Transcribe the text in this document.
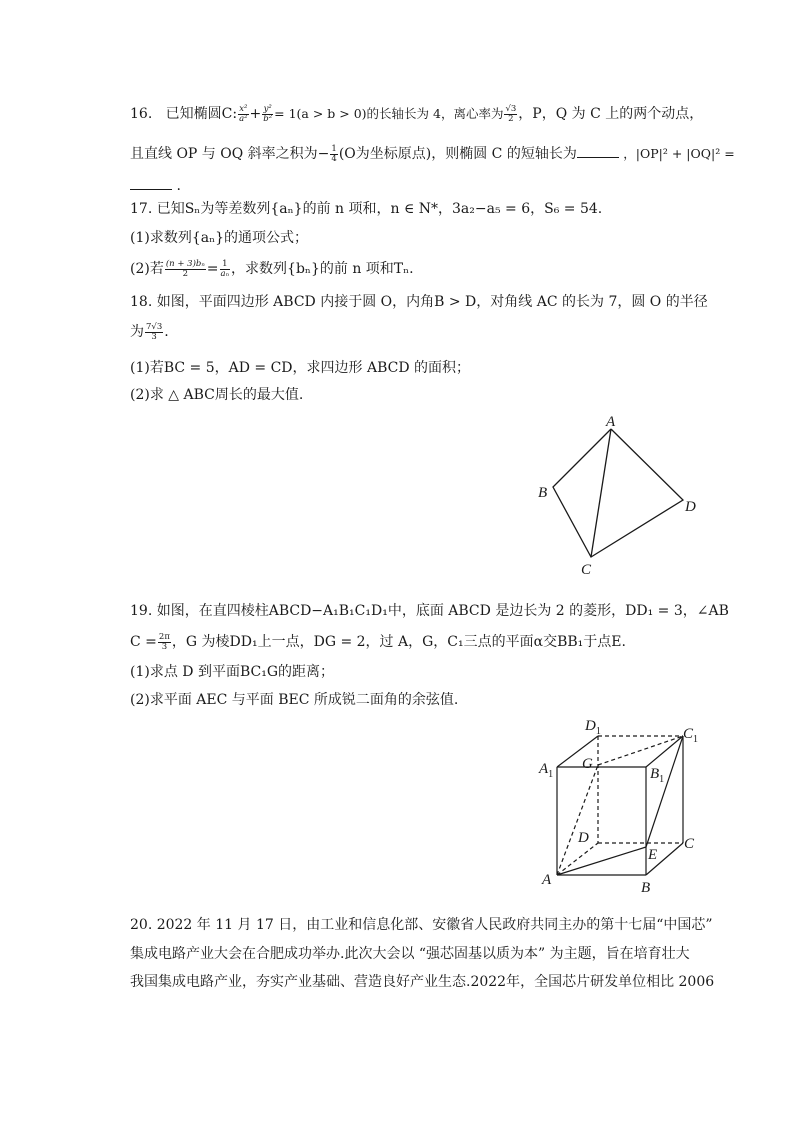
16. 已知椭圆C: $\frac{\text{x²}}{\text{a²}} + \frac{\text{y²}}{\text{b²}} = 1(a > b > 0)$的长轴长为 4，离心率为 $\frac{√3}{2}$ ，P，Q 为 C 上的两个动点，
且直线 OP 与 OQ 斜率之积为− $\frac{1}{4} (O$为坐标原点)，则椭圆 C 的短轴长为	，|OP|² + |OQ|² =
.
17. 已知Sₙ为等差数列{aₙ}的前 n 项和，n ∈ N*，3a₂−a₅ = 6，S₆ = 54.
(1)求数列{aₙ}的通项公式；
(2)若 $\frac{\text{(n + 3)bₙ}}{2} = \frac{1}{\text{aₙ}}$ ，求数列{bₙ}的前 n 项和Tₙ.
18. 如图，平面四边形 ABCD 内接于圆 O，内角B > D，对角线 AC 的长为 7，圆 O 的半径
为 $\frac{7√3}{3}$ .
(1)若BC = 5，AD = CD，求四边形 ABCD 的面积；
(2)求 △ ABC周长的最大值.
A
B
C
D
19. 如图，在直四棱柱ABCD−A₁B₁C₁D₁中，底面 ABCD 是边长为 2 的菱形，DD₁ = 3，∠AB
$C = \frac{2\pi}{3}$ ，G 为棱DD₁上一点，DG = 2，过 A，G，C₁三点的平面α交BB₁于点E.
(1)求点 D 到平面BC₁G的距离；
(2)求平面 AEC 与平面 BEC 所成锐二面角的余弦值.
$D_1$	$C_1$
$A_1$	$B_1$
G
D	C
E
A	B
20. 2022 年 11 月 17 日，由工业和信息化部、安徽省人民政府共同主办的第十七届“中国芯”
集成电路产业大会在合肥成功举办.此次大会以 “强芯固基以质为本” 为主题，旨在培育壮大
我国集成电路产业，夯实产业基础、营造良好产业生态.2022年，全国芯片研发单位相比 2006
